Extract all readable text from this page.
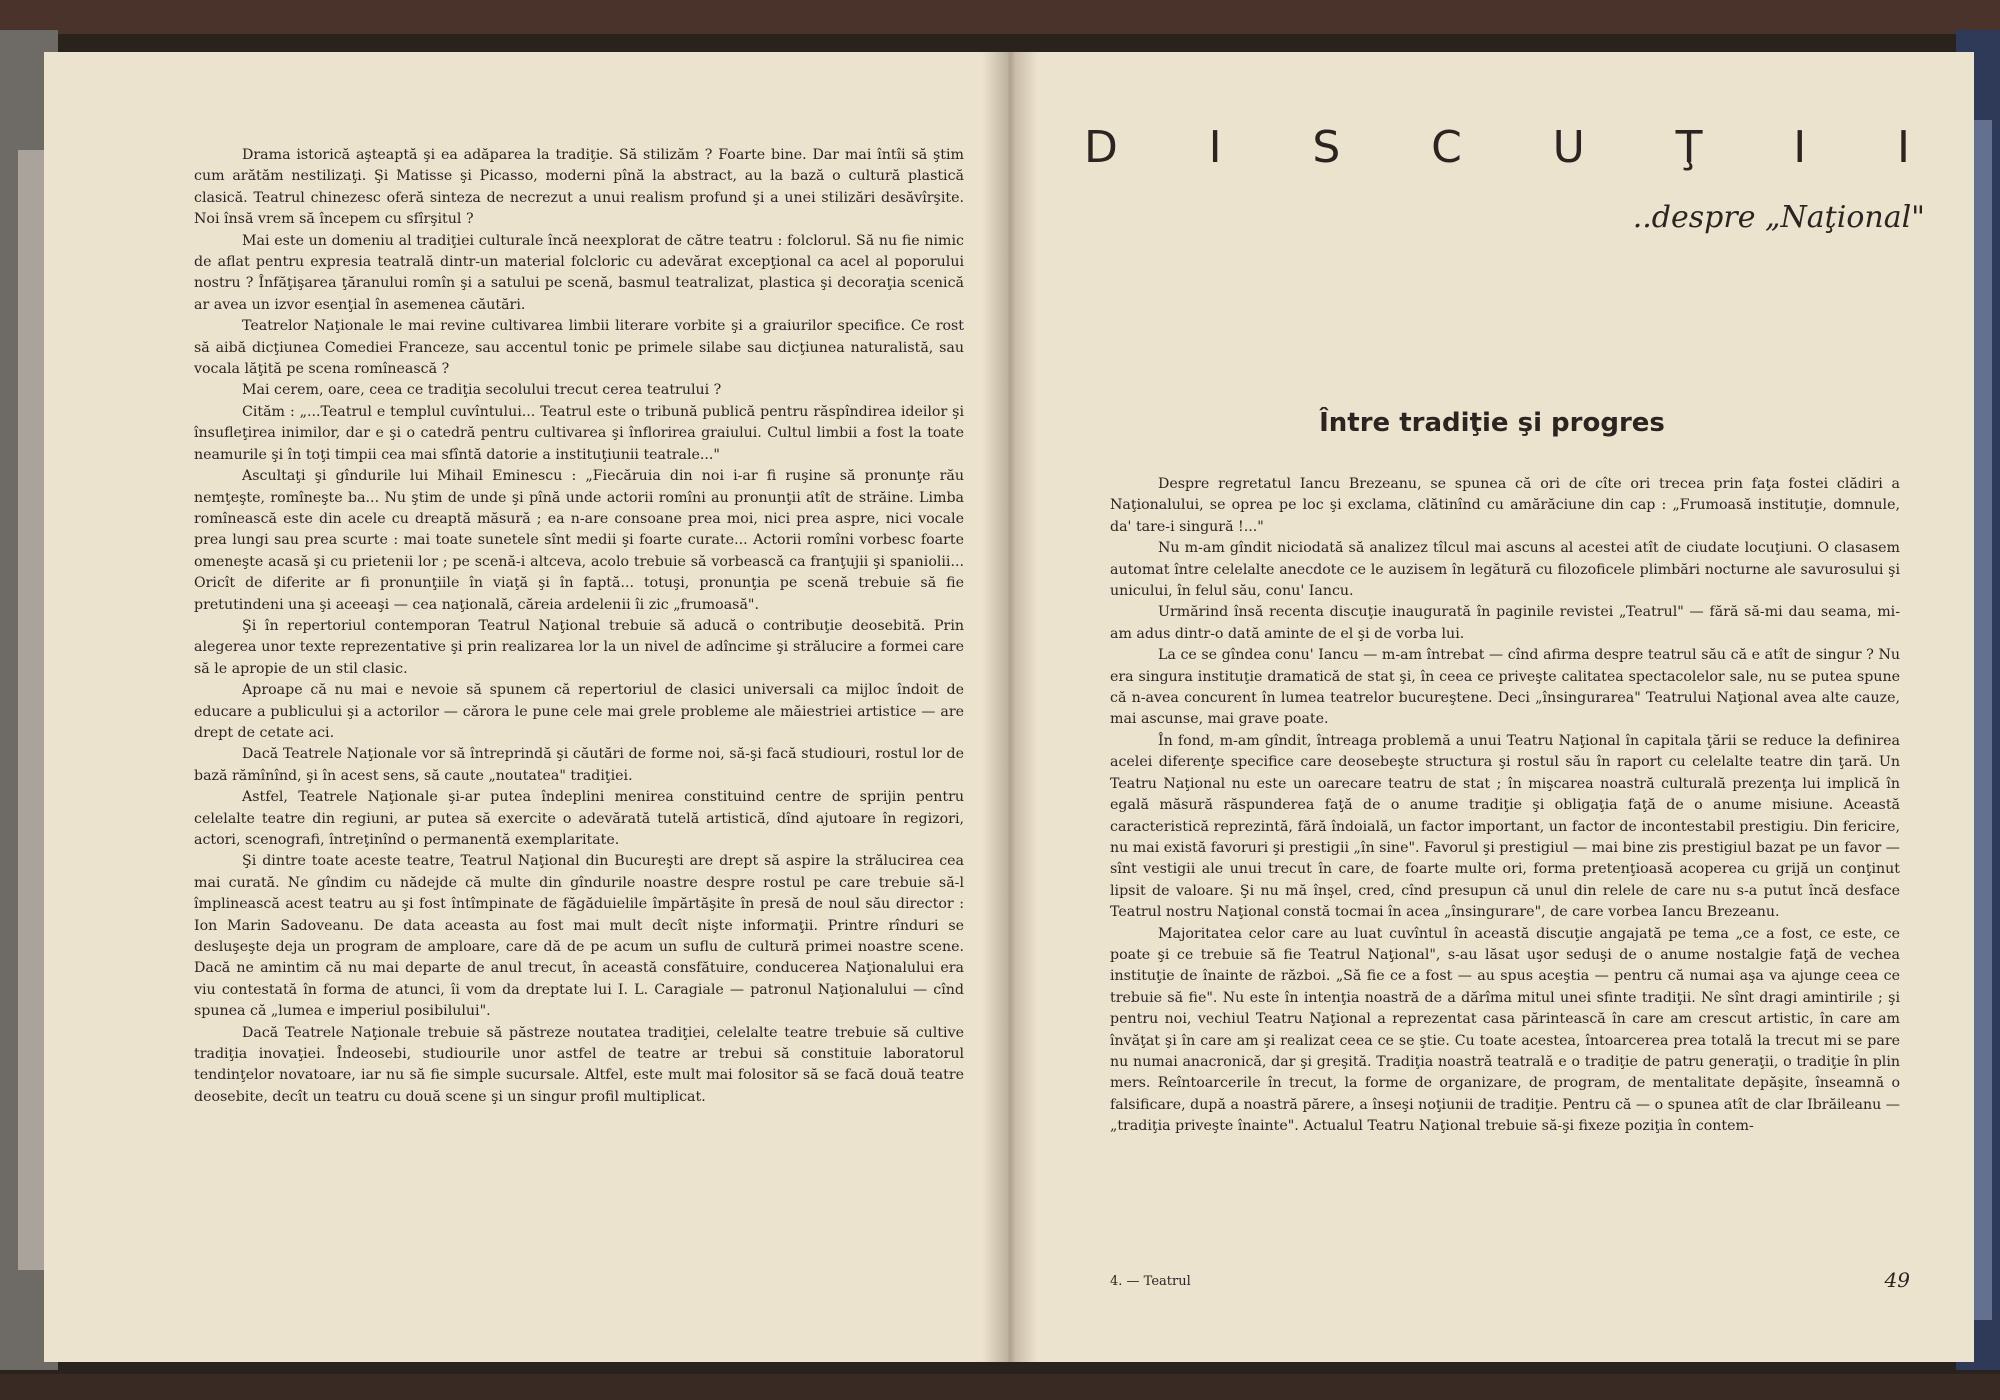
Drama istorică aşteaptă şi ea adăparea la tradiţie. Să stilizăm ? Foarte bine. Dar mai întîi să ştim cum arătăm nestilizaţi. Şi Matisse şi Picasso, moderni pînă la abstract, au la bază o cultură plastică clasică. Teatrul chinezesc oferă sinteza de necrezut a unui realism profund şi a unei stilizări desăvîrşite. Noi însă vrem să începem cu sfîrşitul ?

Mai este un domeniu al tradiţiei culturale încă neexplorat de către teatru : folclorul. Să nu fie nimic de aflat pentru expresia teatrală dintr-un material folcloric cu adevărat excepţional ca acel al poporului nostru ? Înfăţişarea ţăranului romîn şi a satului pe scenă, basmul teatralizat, plastica şi decoraţia scenică ar avea un izvor esenţial în asemenea căutări.

Teatrelor Naţionale le mai revine cultivarea limbii literare vorbite şi a graiurilor specifice. Ce rost să aibă dicţiunea Comediei Franceze, sau accentul tonic pe primele silabe sau dicţiunea naturalistă, sau vocala lăţită pe scena romînească ?

Mai cerem, oare, ceea ce tradiţia secolului trecut cerea teatrului ?

Cităm : „...Teatrul e templul cuvîntului... Teatrul este o tribună publică pentru răspîndirea ideilor şi însufleţirea inimilor, dar e şi o catedră pentru cultivarea şi înflorirea graiului. Cultul limbii a fost la toate neamurile şi în toţi timpii cea mai sfîntă datorie a instituţiunii teatrale..."

Ascultaţi şi gîndurile lui Mihail Eminescu : „Fiecăruia din noi i-ar fi ruşine să pronunţe rău nemţeşte, romîneşte ba... Nu ştim de unde şi pînă unde actorii romîni au pronunţii atît de străine. Limba romînească este din acele cu dreaptă măsură ; ea n-are consoane prea moi, nici prea aspre, nici vocale prea lungi sau prea scurte : mai toate sunetele sînt medii şi foarte curate... Actorii romîni vorbesc foarte omeneşte acasă şi cu prietenii lor ; pe scenă-i altceva, acolo trebuie să vorbească ca franţujii şi spaniolii... Oricît de diferite ar fi pronunţiile în viaţă şi în faptă... totuşi, pronunţia pe scenă trebuie să fie pretutindeni una şi aceeaşi — cea naţională, căreia ardelenii îi zic „frumoasă".

Şi în repertoriul contemporan Teatrul Naţional trebuie să aducă o contribuţie deosebită. Prin alegerea unor texte reprezentative şi prin realizarea lor la un nivel de adîncime şi strălucire a formei care să le apropie de un stil clasic.

Aproape că nu mai e nevoie să spunem că repertoriul de clasici universali ca mijloc îndoit de educare a publicului şi a actorilor — cărora le pune cele mai grele probleme ale măiestriei artistice — are drept de cetate aci.

Dacă Teatrele Naţionale vor să întreprindă şi căutări de forme noi, să-şi facă studiouri, rostul lor de bază rămînînd, şi în acest sens, să caute „noutatea" tradiţiei.

Astfel, Teatrele Naţionale şi-ar putea îndeplini menirea constituind centre de sprijin pentru celelalte teatre din regiuni, ar putea să exercite o adevărată tutelă artistică, dînd ajutoare în regizori, actori, scenografi, întreţinînd o permanentă exemplaritate.

Şi dintre toate aceste teatre, Teatrul Naţional din Bucureşti are drept să aspire la strălucirea cea mai curată. Ne gîndim cu nădejde că multe din gîndurile noastre despre rostul pe care trebuie să-l împlinească acest teatru au şi fost întîmpinate de făgăduielile împărtăşite în presă de noul său director : Ion Marin Sadoveanu. De data aceasta au fost mai mult decît nişte informaţii. Printre rînduri se desluşeşte deja un program de amploare, care dă de pe acum un suflu de cultură primei noastre scene. Dacă ne amintim că nu mai departe de anul trecut, în această consfătuire, conducerea Naţionalului era viu contestată în forma de atunci, îi vom da dreptate lui I. L. Caragiale — patronul Naţionalului — cînd spunea că „lumea e imperiul posibilului".

Dacă Teatrele Naţionale trebuie să păstreze noutatea tradiţiei, celelalte teatre trebuie să cultive tradiţia inovaţiei. Îndeosebi, studiourile unor astfel de teatre ar trebui să constituie laboratorul tendinţelor novatoare, iar nu să fie simple sucursale. Altfel, este mult mai folositor să se facă două teatre deosebite, decît un teatru cu două scene şi un singur profil multiplicat.

D I S C U Ţ I I
..despre „Naţional"
Între tradiţie şi progres

Despre regretatul Iancu Brezeanu, se spunea că ori de cîte ori trecea prin faţa fostei clădiri a Naţionalului, se oprea pe loc şi exclama, clătinînd cu amărăciune din cap : „Frumoasă instituţie, domnule, da' tare-i singură !..."

Nu m-am gîndit niciodată să analizez tîlcul mai ascuns al acestei atît de ciudate locuţiuni. O clasasem automat între celelalte anecdote ce le auzisem în legătură cu filozoficele plimbări nocturne ale savurosului şi unicului, în felul său, conu' Iancu.

Urmărind însă recenta discuţie inaugurată în paginile revistei „Teatrul" — fără să-mi dau seama, mi-am adus dintr-o dată aminte de el şi de vorba lui.

La ce se gîndea conu' Iancu — m-am întrebat — cînd afirma despre teatrul său că e atît de singur ? Nu era singura instituţie dramatică de stat şi, în ceea ce priveşte calitatea spectacolelor sale, nu se putea spune că n-avea concurent în lumea teatrelor bucureştene. Deci „însingurarea" Teatrului Naţional avea alte cauze, mai ascunse, mai grave poate.

În fond, m-am gîndit, întreaga problemă a unui Teatru Naţional în capitala ţării se reduce la definirea acelei diferenţe specifice care deosebeşte structura şi rostul său în raport cu celelalte teatre din ţară. Un Teatru Naţional nu este un oarecare teatru de stat ; în mişcarea noastră culturală prezenţa lui implică în egală măsură răspunderea faţă de o anume tradiţie şi obligaţia faţă de o anume misiune. Această caracteristică reprezintă, fără îndoială, un factor important, un factor de incontestabil prestigiu. Din fericire, nu mai există favoruri şi prestigii „în sine". Favorul şi prestigiul — mai bine zis prestigiul bazat pe un favor — sînt vestigii ale unui trecut în care, de foarte multe ori, forma pretenţioasă acoperea cu grijă un conţinut lipsit de valoare. Şi nu mă înşel, cred, cînd presupun că unul din relele de care nu s-a putut încă desface Teatrul nostru Naţional constă tocmai în acea „însingurare", de care vorbea Iancu Brezeanu.

Majoritatea celor care au luat cuvîntul în această discuţie angajată pe tema „ce a fost, ce este, ce poate şi ce trebuie să fie Teatrul Naţional", s-au lăsat uşor seduşi de o anume nostalgie faţă de vechea instituţie de înainte de război. „Să fie ce a fost — au spus aceştia — pentru că numai aşa va ajunge ceea ce trebuie să fie". Nu este în intenţia noastră de a dărîma mitul unei sfinte tradiţii. Ne sînt dragi amintirile ; şi pentru noi, vechiul Teatru Naţional a reprezentat casa părintească în care am crescut artistic, în care am învăţat şi în care am şi realizat ceea ce se ştie. Cu toate acestea, întoarcerea prea totală la trecut mi se pare nu numai anacronică, dar şi greşită. Tradiţia noastră teatrală e o tradiţie de patru generaţii, o tradiţie în plin mers. Reîntoarcerile în trecut, la forme de organizare, de program, de mentalitate depăşite, înseamnă o falsificare, după a noastră părere, a înseşi noţiunii de tradiţie. Pentru că — o spunea atît de clar Ibrăileanu — „tradiţia priveşte înainte". Actualul Teatru Naţional trebuie să-şi fixeze poziţia în contem-

4. — Teatrul	49
